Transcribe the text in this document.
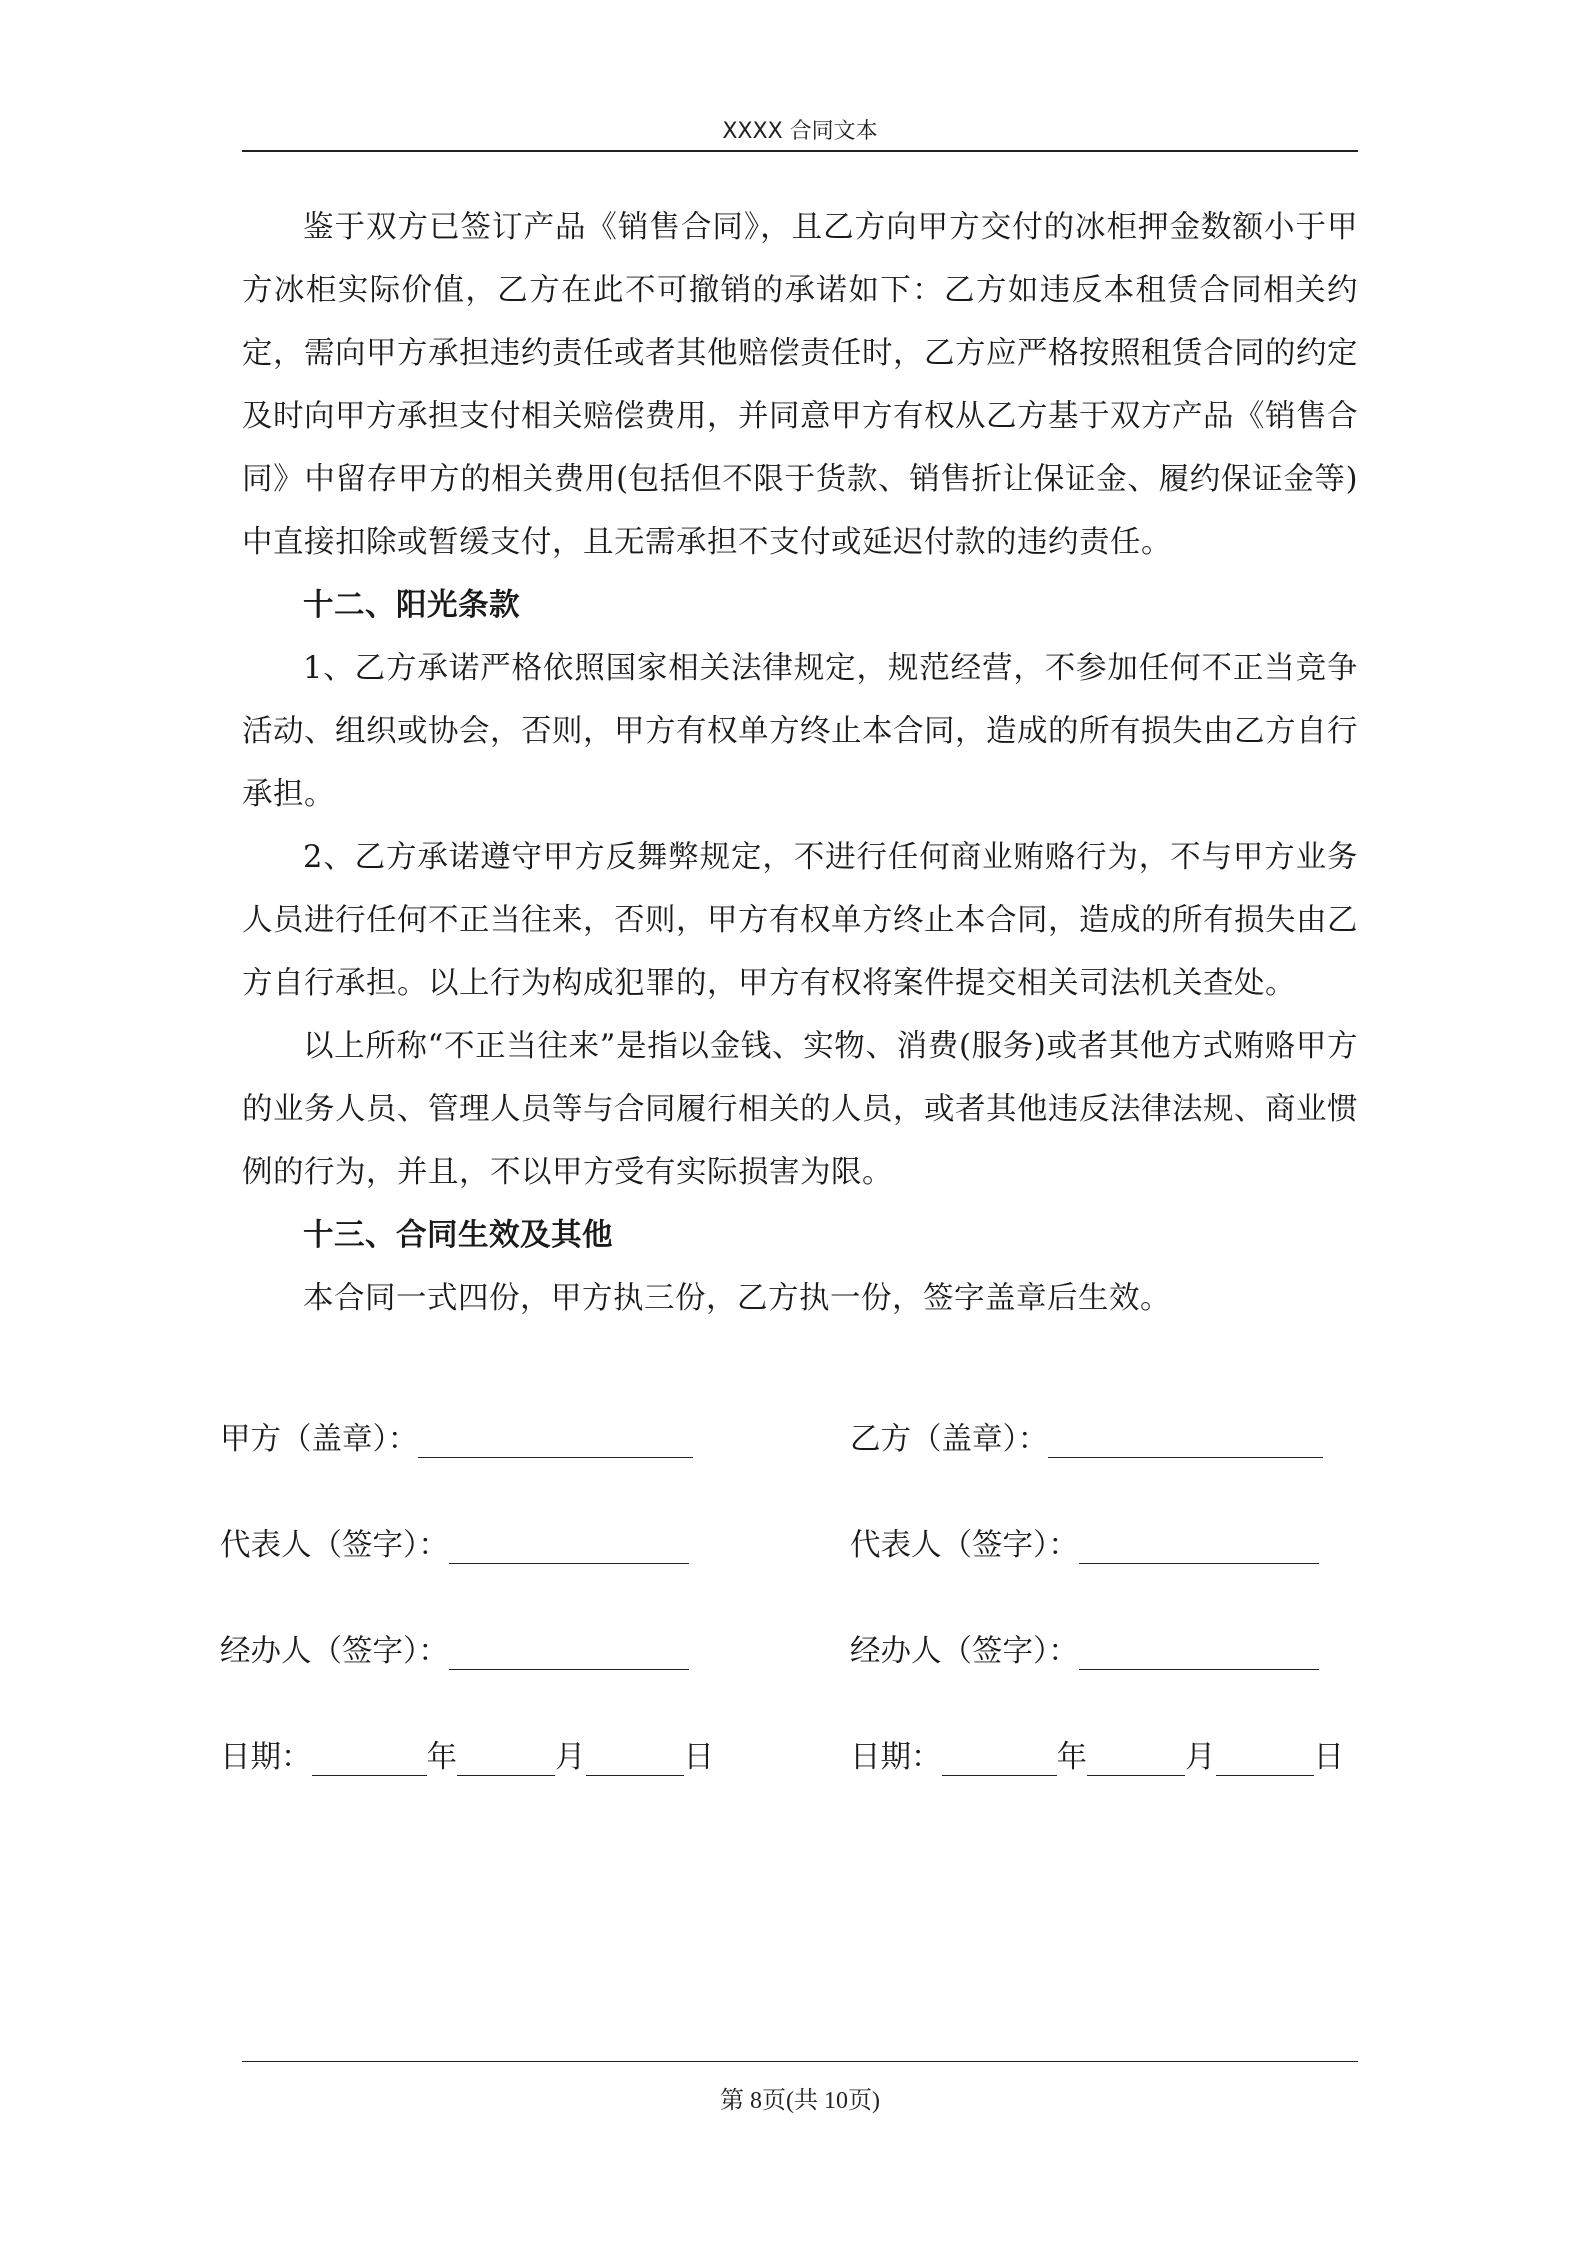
XXXX 合同文本

鉴于双方已签订产品《销售合同》，且乙方向甲方交付的冰柜押金数额小于甲方冰柜实际价值，乙方在此不可撤销的承诺如下：乙方如违反本租赁合同相关约定，需向甲方承担违约责任或者其他赔偿责任时，乙方应严格按照租赁合同的约定及时向甲方承担支付相关赔偿费用，并同意甲方有权从乙方基于双方产品《销售合同》中留存甲方的相关费用(包括但不限于货款、销售折让保证金、履约保证金等)中直接扣除或暂缓支付，且无需承担不支付或延迟付款的违约责任。

十二、阳光条款

1、乙方承诺严格依照国家相关法律规定，规范经营，不参加任何不正当竞争活动、组织或协会，否则，甲方有权单方终止本合同，造成的所有损失由乙方自行承担。

2、乙方承诺遵守甲方反舞弊规定，不进行任何商业贿赂行为，不与甲方业务人员进行任何不正当往来，否则，甲方有权单方终止本合同，造成的所有损失由乙方自行承担。以上行为构成犯罪的，甲方有权将案件提交相关司法机关查处。

以上所称“不正当往来”是指以金钱、实物、消费(服务)或者其他方式贿赂甲方的业务人员、管理人员等与合同履行相关的人员，或者其他违反法律法规、商业惯例的行为，并且，不以甲方受有实际损害为限。

十三、合同生效及其他

本合同一式四份，甲方执三份，乙方执一份，签字盖章后生效。

甲方（盖章）：	乙方（盖章）：
代表人（签字）：	代表人（签字）：
经办人（签字）：	经办人（签字）：
日期：	年	月	日	日期：	年	月	日
第 8页(共 10页)
